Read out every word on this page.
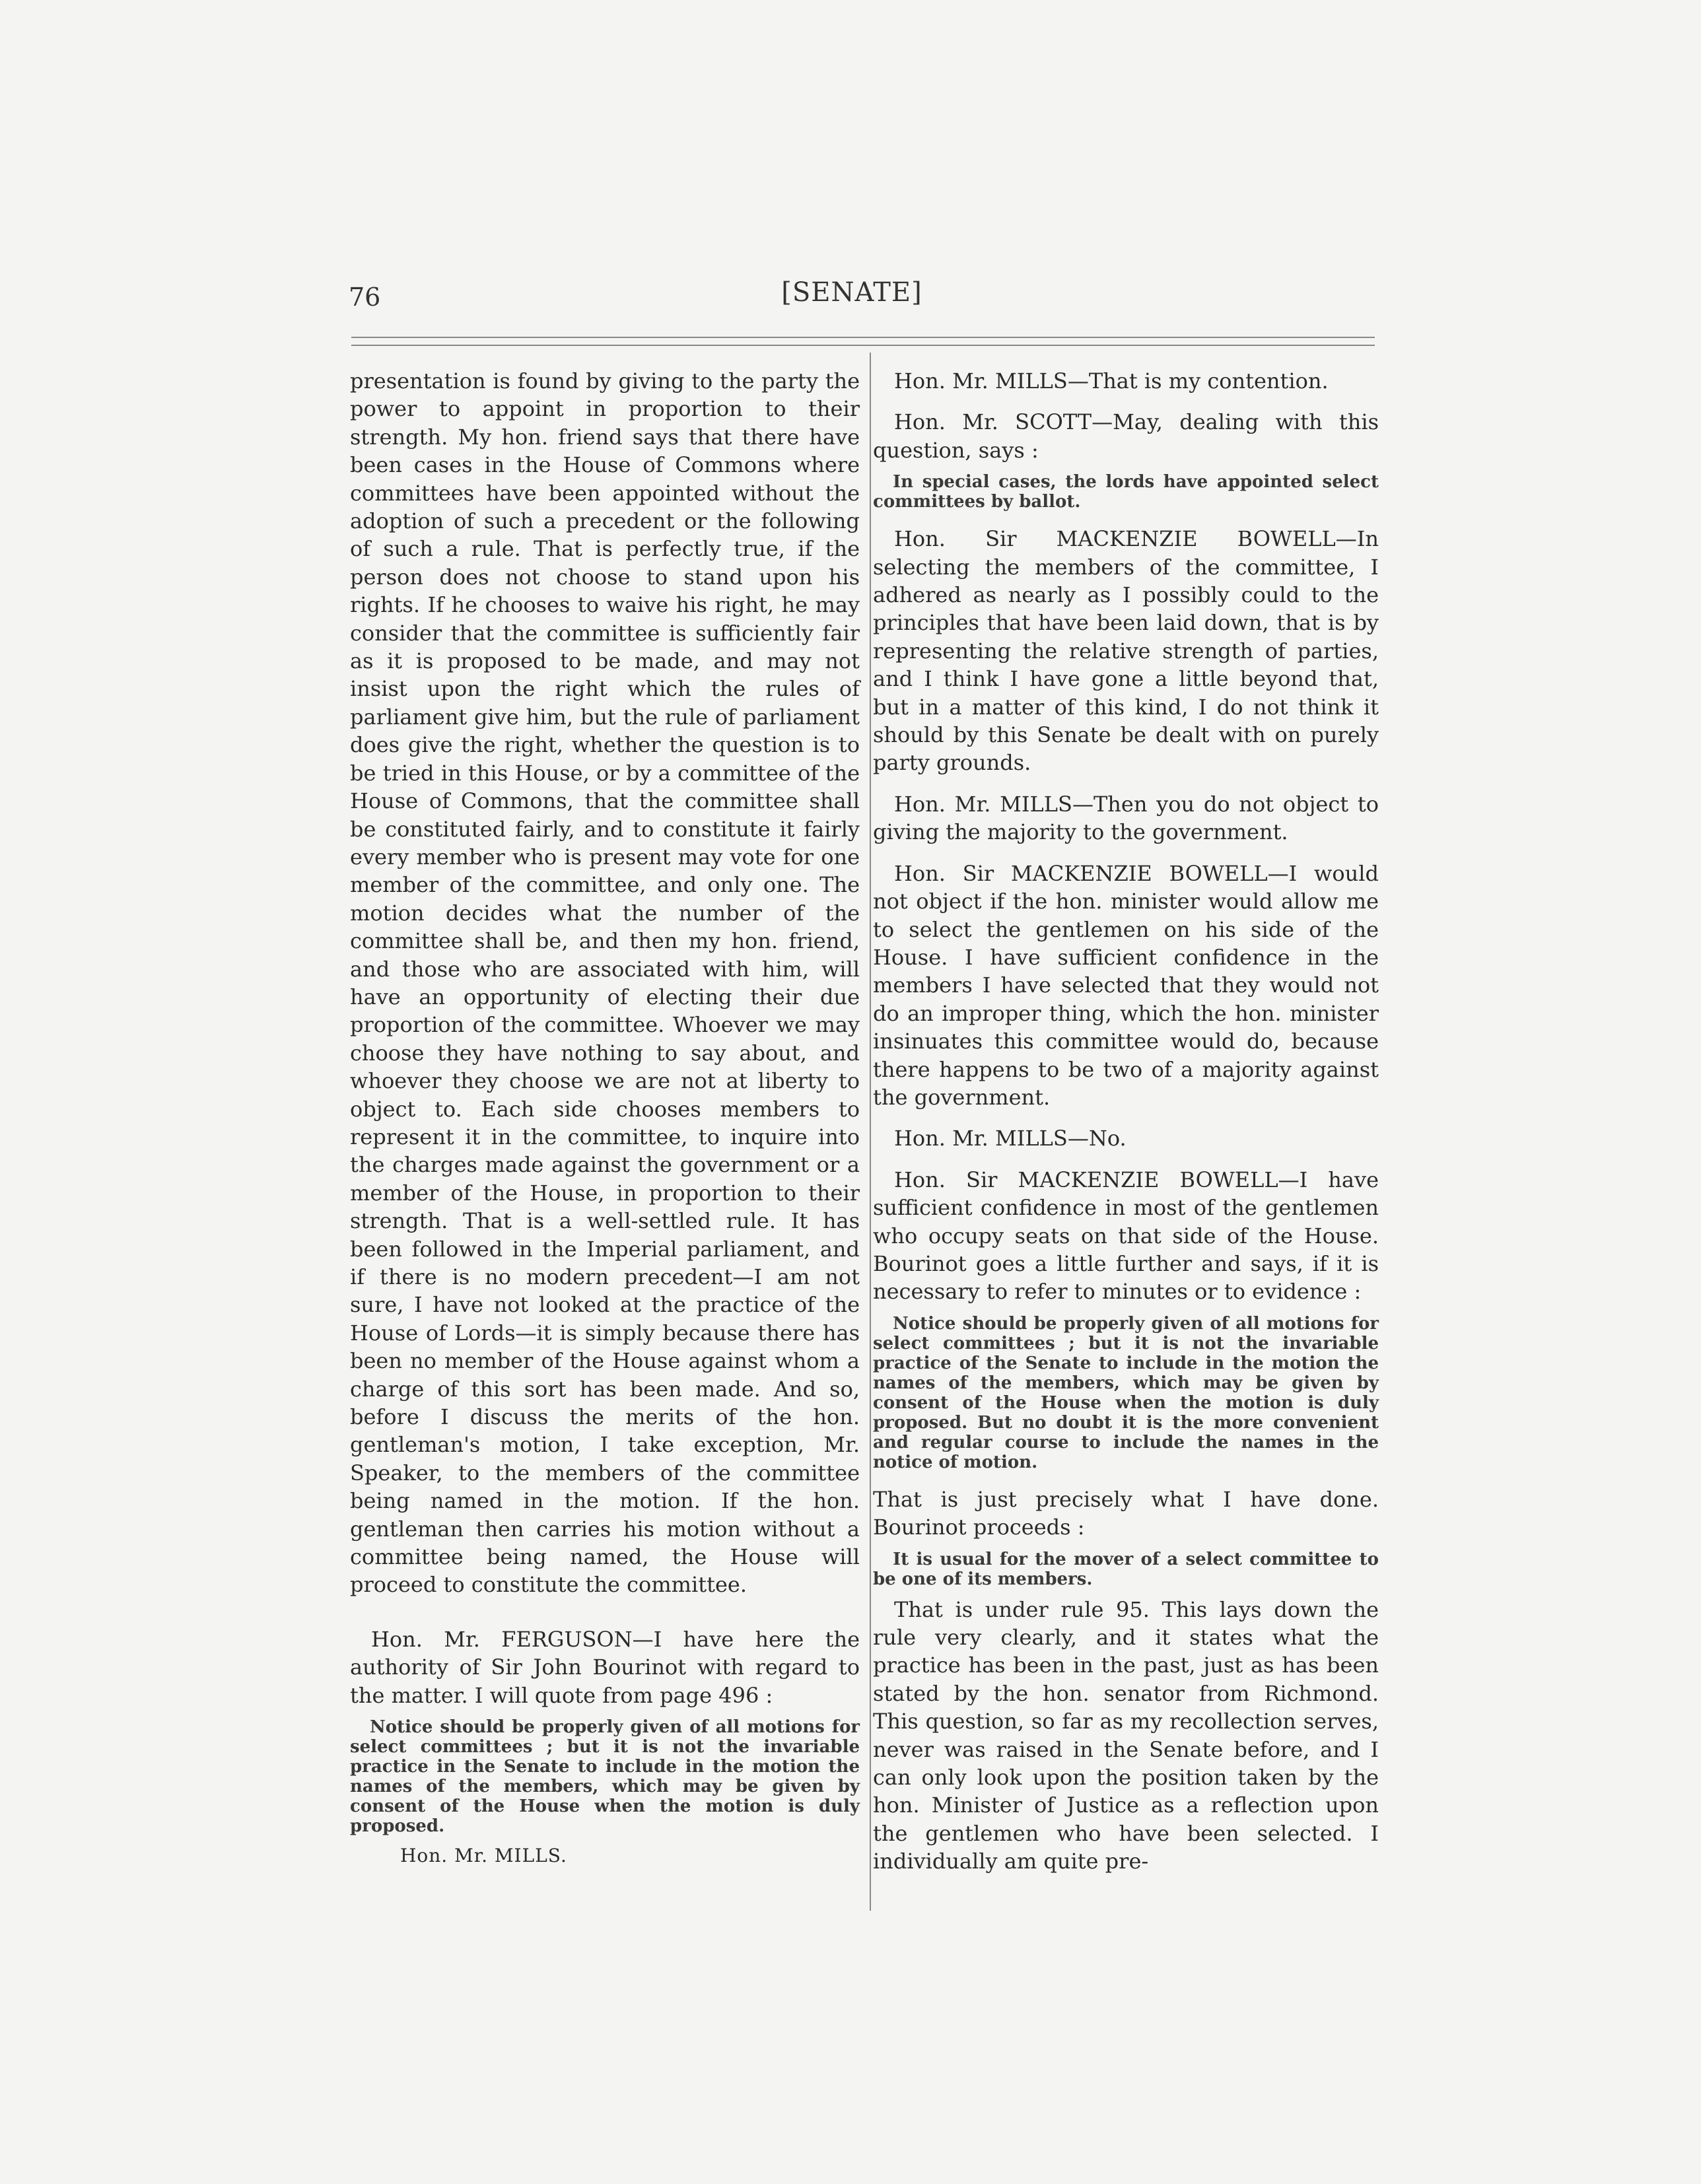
76	[SENATE]

presentation is found by giving to the party the power to appoint in proportion to their strength. My hon. friend says that there have been cases in the House of Commons where committees have been appointed without the adoption of such a precedent or the following of such a rule. That is perfectly true, if the person does not choose to stand upon his rights. If he chooses to waive his right, he may consider that the committee is sufficiently fair as it is proposed to be made, and may not insist upon the right which the rules of parliament give him, but the rule of parliament does give the right, whether the question is to be tried in this House, or by a committee of the House of Commons, that the committee shall be constituted fairly, and to constitute it fairly every member who is present may vote for one member of the committee, and only one. The motion decides what the number of the committee shall be, and then my hon. friend, and those who are associated with him, will have an opportunity of electing their due proportion of the committee. Whoever we may choose they have nothing to say about, and whoever they choose we are not at liberty to object to. Each side chooses members to represent it in the committee, to inquire into the charges made against the government or a member of the House, in proportion to their strength. That is a well-settled rule. It has been followed in the Imperial parliament, and if there is no modern precedent—I am not sure, I have not looked at the practice of the House of Lords—it is simply because there has been no member of the House against whom a charge of this sort has been made. And so, before I discuss the merits of the hon. gentleman's motion, I take exception, Mr. Speaker, to the members of the committee being named in the motion. If the hon. gentleman then carries his motion without a committee being named, the House will proceed to constitute the committee.

Hon. Mr. FERGUSON—I have here the authority of Sir John Bourinot with regard to the matter. I will quote from page 496 :

Notice should be properly given of all motions for select committees ; but it is not the invariable practice in the Senate to include in the motion the names of the members, which may be given by consent of the House when the motion is duly proposed.

Hon. Mr. MILLS.

Hon. Mr. MILLS—That is my contention.

Hon. Mr. SCOTT—May, dealing with this question, says :

In special cases, the lords have appointed select committees by ballot.

Hon. Sir MACKENZIE BOWELL—In selecting the members of the committee, I adhered as nearly as I possibly could to the principles that have been laid down, that is by representing the relative strength of parties, and I think I have gone a little beyond that, but in a matter of this kind, I do not think it should by this Senate be dealt with on purely party grounds.

Hon. Mr. MILLS—Then you do not object to giving the majority to the government.

Hon. Sir MACKENZIE BOWELL—I would not object if the hon. minister would allow me to select the gentlemen on his side of the House. I have sufficient confidence in the members I have selected that they would not do an improper thing, which the hon. minister insinuates this committee would do, because there happens to be two of a majority against the government.

Hon. Mr. MILLS—No.

Hon. Sir MACKENZIE BOWELL—I have sufficient confidence in most of the gentlemen who occupy seats on that side of the House. Bourinot goes a little further and says, if it is necessary to refer to minutes or to evidence :

Notice should be properly given of all motions for select committees ; but it is not the invariable practice of the Senate to include in the motion the names of the members, which may be given by consent of the House when the motion is duly proposed. But no doubt it is the more convenient and regular course to include the names in the notice of motion.

That is just precisely what I have done. Bourinot proceeds :

It is usual for the mover of a select committee to be one of its members.

That is under rule 95. This lays down the rule very clearly, and it states what the practice has been in the past, just as has been stated by the hon. senator from Richmond. This question, so far as my recollection serves, never was raised in the Senate before, and I can only look upon the position taken by the hon. Minister of Justice as a reflection upon the gentlemen who have been selected. I individually am quite pre-
